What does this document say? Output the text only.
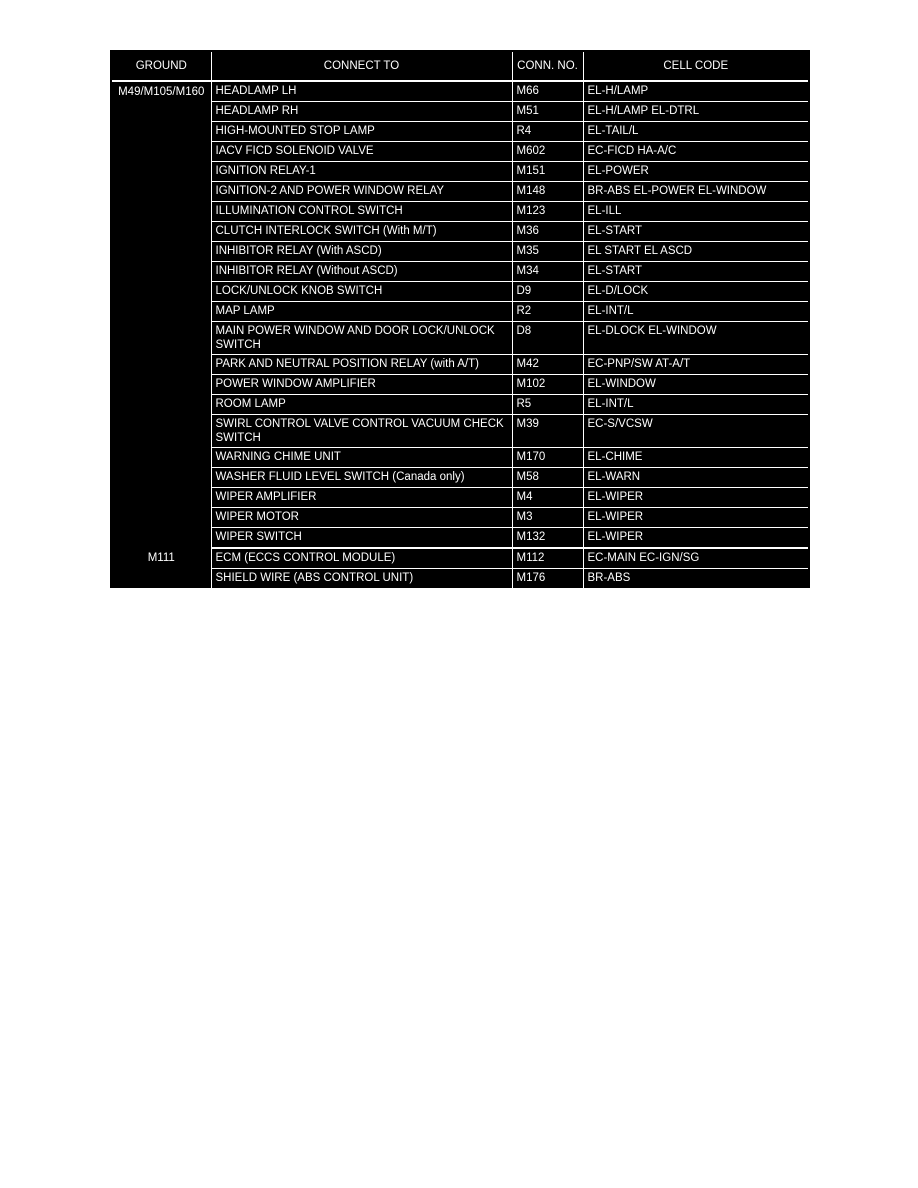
GROUND	CONNECT TO	CONN. NO.	CELL CODE
M49/M105/M160	HEADLAMP LH	M66	EL-H/LAMP
	HEADLAMP RH	M51	EL-H/LAMP EL-DTRL
	HIGH-MOUNTED STOP LAMP	R4	EL-TAIL/L
	IACV FICD SOLENOID VALVE	M602	EC-FICD HA-A/C
	IGNITION RELAY-1	M151	EL-POWER
	IGNITION-2 AND POWER WINDOW RELAY	M148	BR-ABS EL-POWER EL-WINDOW
	ILLUMINATION CONTROL SWITCH	M123	EL-ILL
	CLUTCH INTERLOCK SWITCH (With M/T)	M36	EL-START
	INHIBITOR RELAY (With ASCD)	M35	EL START EL ASCD
	INHIBITOR RELAY (Without ASCD)	M34	EL-START
	LOCK/UNLOCK KNOB SWITCH	D9	EL-D/LOCK
	MAP LAMP	R2	EL-INT/L
	MAIN POWER WINDOW AND DOOR LOCK/UNLOCK SWITCH	D8	EL-DLOCK EL-WINDOW
	PARK AND NEUTRAL POSITION RELAY (with A/T)	M42	EC-PNP/SW AT-A/T
	POWER WINDOW AMPLIFIER	M102	EL-WINDOW
	ROOM LAMP	R5	EL-INT/L
	SWIRL CONTROL VALVE CONTROL VACUUM CHECK SWITCH	M39	EC-S/VCSW
	WARNING CHIME UNIT	M170	EL-CHIME
	WASHER FLUID LEVEL SWITCH (Canada only)	M58	EL-WARN
	WIPER AMPLIFIER	M4	EL-WIPER
	WIPER MOTOR	M3	EL-WIPER
	WIPER SWITCH	M132	EL-WIPER
M111	ECM (ECCS CONTROL MODULE)	M112	EC-MAIN EC-IGN/SG
	SHIELD WIRE (ABS CONTROL UNIT)	M176	BR-ABS
